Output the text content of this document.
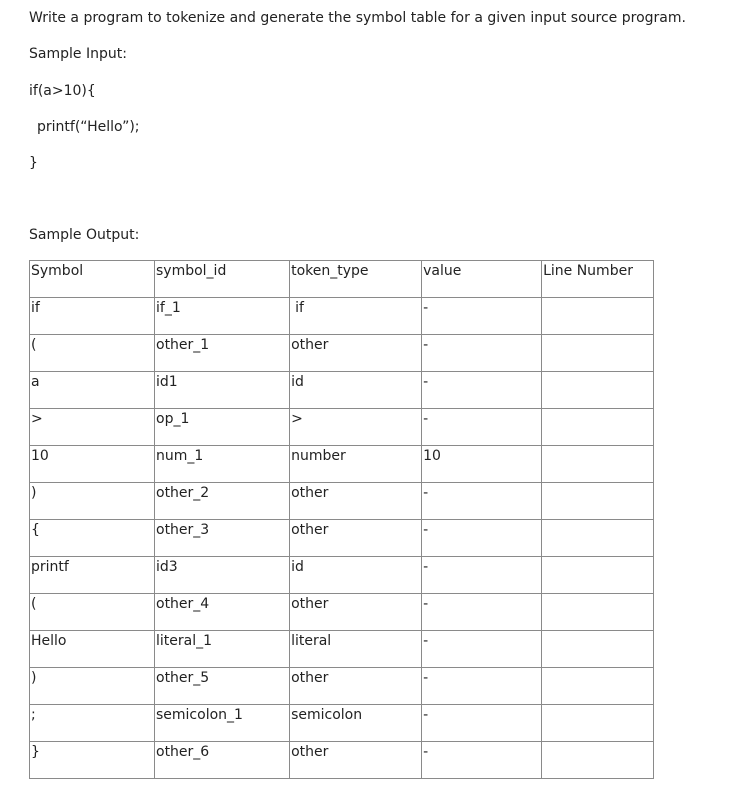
Write a program to tokenize and generate the symbol table for a given input source program.

Sample Input:

if(a>10){

printf(“Hello”);

}

Sample Output:

Symbol	symbol_id	token_type	value	Line Number
if	if_1	if	-	
(	other_1	other	-	
a	id1	id	-	
>	op_1	>	-	
10	num_1	number	10	
)	other_2	other	-	
{	other_3	other	-	
printf	id3	id	-	
(	other_4	other	-	
Hello	literal_1	literal	-	
)	other_5	other	-	
;	semicolon_1	semicolon	-	
}	other_6	other	-	
